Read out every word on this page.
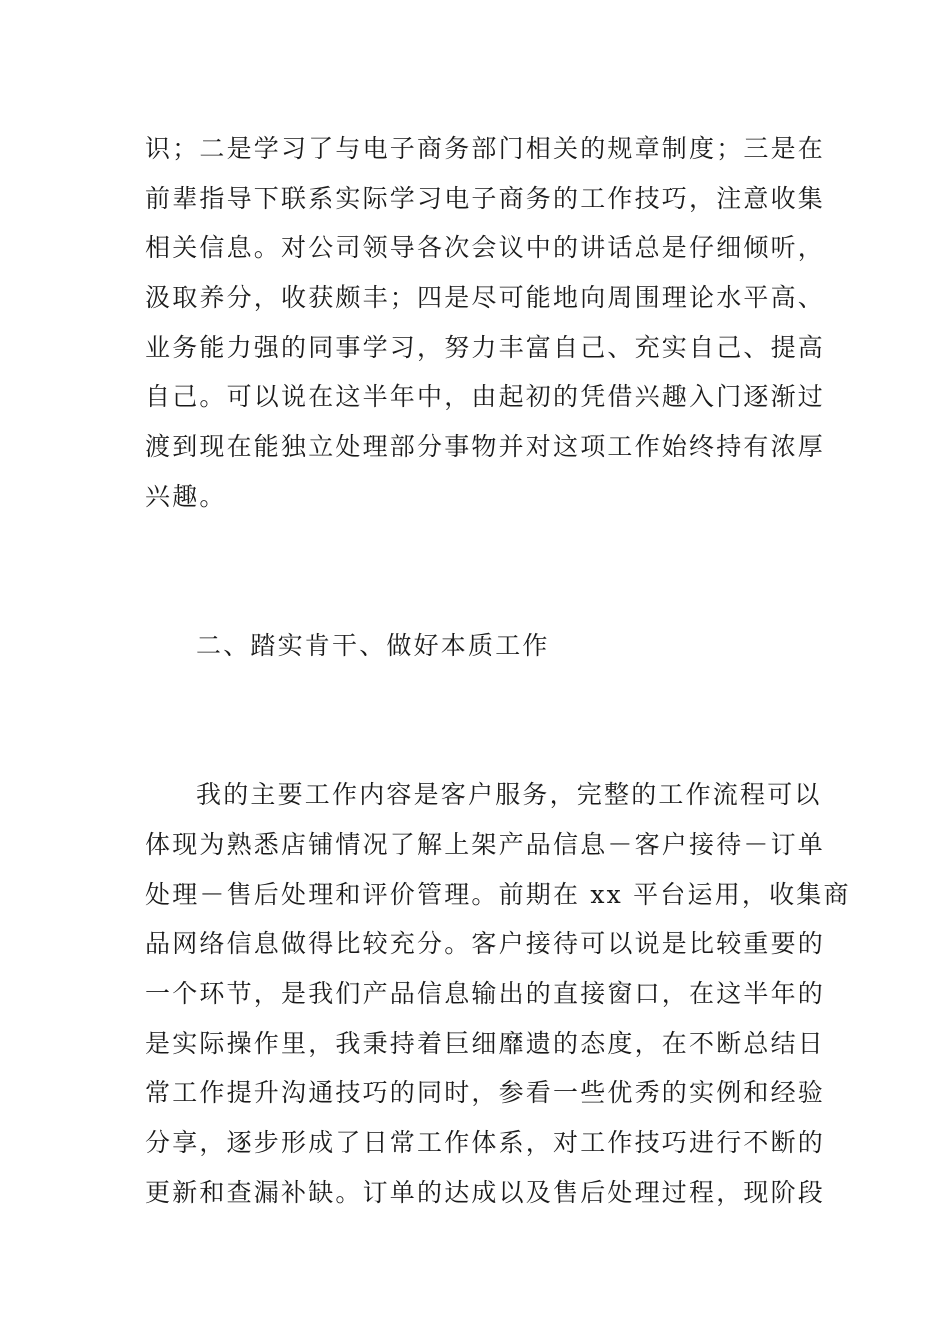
识；二是学习了与电子商务部门相关的规章制度；三是在
前辈指导下联系实际学习电子商务的工作技巧，注意收集
相关信息。对公司领导各次会议中的讲话总是仔细倾听，
汲取养分，收获颇丰；四是尽可能地向周围理论水平高、
业务能力强的同事学习，努力丰富自己、充实自己、提高
自己。可以说在这半年中，由起初的凭借兴趣入门逐渐过
渡到现在能独立处理部分事物并对这项工作始终持有浓厚
兴趣。
二、踏实肯干、做好本质工作
我的主要工作内容是客户服务，完整的工作流程可以
体现为熟悉店铺情况了解上架产品信息－客户接待－订单
处理－售后处理和评价管理。前期在 xx 平台运用，收集商
品网络信息做得比较充分。客户接待可以说是比较重要的
一个环节，是我们产品信息输出的直接窗口，在这半年的
是实际操作里，我秉持着巨细靡遗的态度，在不断总结日
常工作提升沟通技巧的同时，参看一些优秀的实例和经验
分享，逐步形成了日常工作体系，对工作技巧进行不断的
更新和查漏补缺。订单的达成以及售后处理过程，现阶段
